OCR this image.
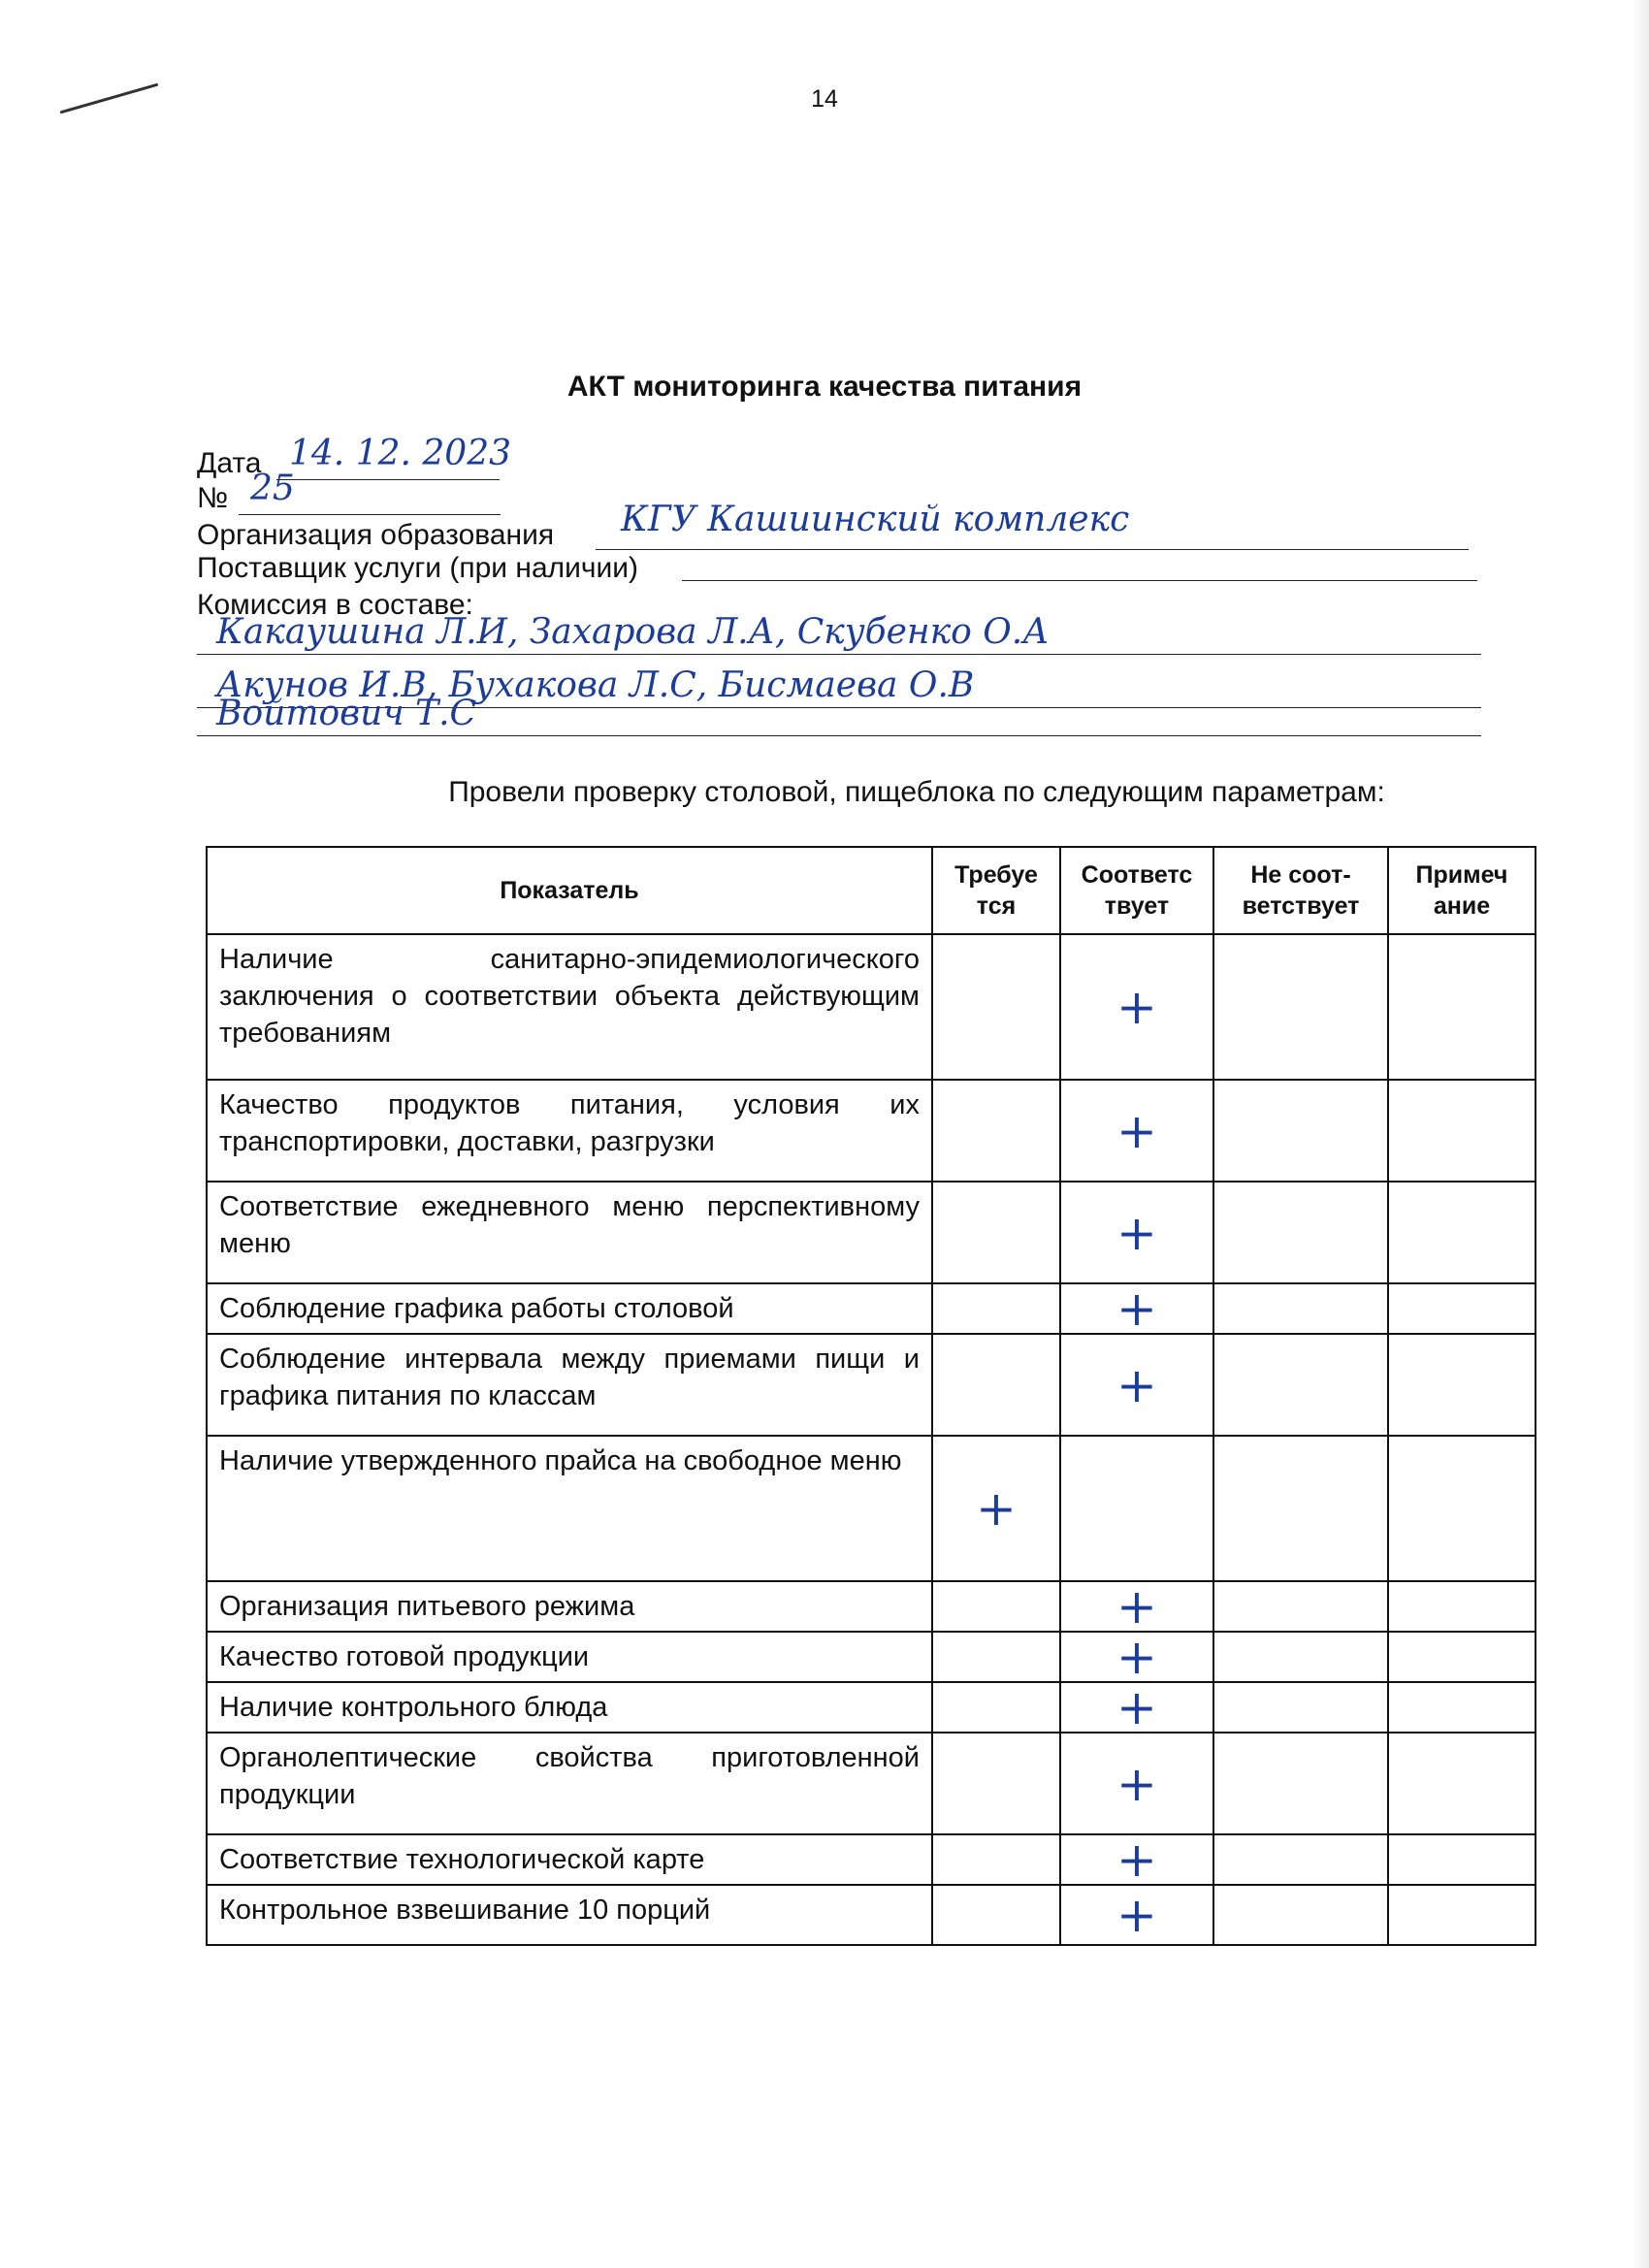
14
АКТ мониторинга качества питания
Дата 14. 12. 2023
№ 25
Организация образования КГУ Кашиинский комплекс
Поставщик услуги (при наличии)
Комиссия в составе:
Какаушина Л.И, Захарова Л.А, Скубенко О.А
Акунов И.В, Бухакова Л.С, Бисмаева О.В
Войтович Т.С
Провели проверку столовой, пищеблока по следующим параметрам:
Показатель	Требуе тся	Соответс твует	Не соот-ветствует	Примеч ание
Наличие санитарно-эпидемиологического заключения о соответствии объекта действующим требованиям		+		
Качество продуктов питания, условия их транспортировки, доставки, разгрузки		+		
Соответствие ежедневного меню перспективному меню		+		
Соблюдение графика работы столовой		+		
Соблюдение интервала между приемами пищи и графика питания по классам		+		
Наличие утвержденного прайса на свободное меню	+			
Организация питьевого режима		+		
Качество готовой продукции		+		
Наличие контрольного блюда		+		
Органолептические свойства приготовленной продукции		+		
Соответствие технологической карте		+		
Контрольное взвешивание 10 порций		+		
